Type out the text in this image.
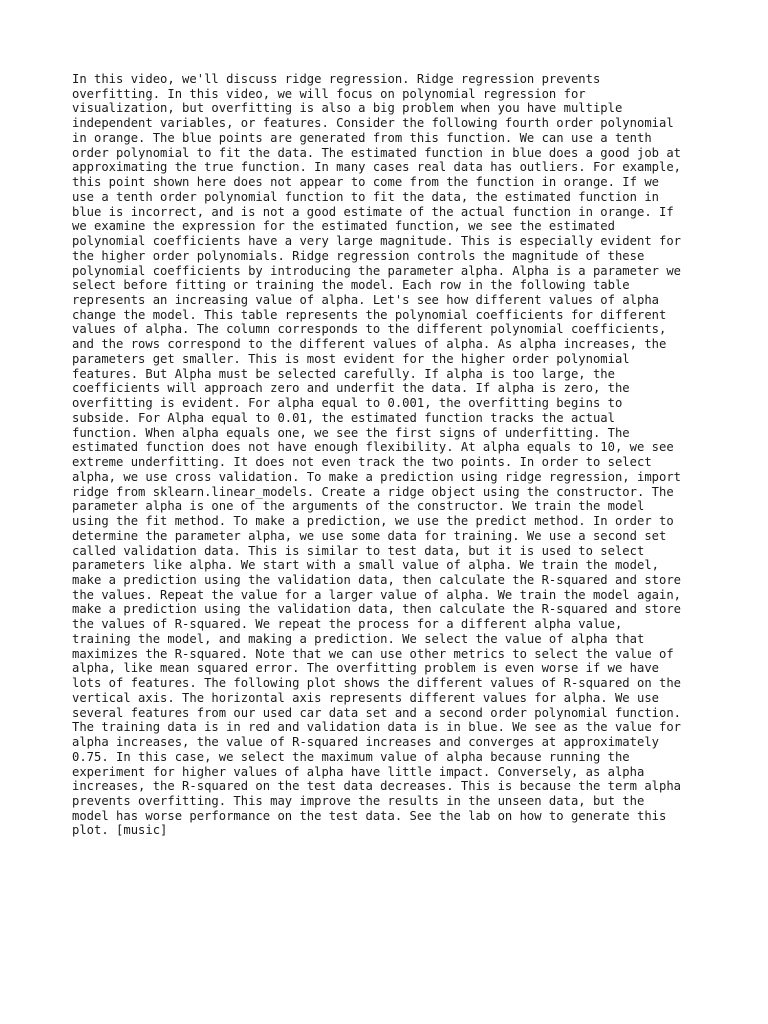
In this video, we'll discuss ridge regression. Ridge regression prevents
overfitting. In this video, we will focus on polynomial regression for
visualization, but overfitting is also a big problem when you have multiple
independent variables, or features. Consider the following fourth order polynomial
in orange. The blue points are generated from this function. We can use a tenth
order polynomial to fit the data. The estimated function in blue does a good job at
approximating the true function. In many cases real data has outliers. For example,
this point shown here does not appear to come from the function in orange. If we
use a tenth order polynomial function to fit the data, the estimated function in
blue is incorrect, and is not a good estimate of the actual function in orange. If
we examine the expression for the estimated function, we see the estimated
polynomial coefficients have a very large magnitude. This is especially evident for
the higher order polynomials. Ridge regression controls the magnitude of these
polynomial coefficients by introducing the parameter alpha. Alpha is a parameter we
select before fitting or training the model. Each row in the following table
represents an increasing value of alpha. Let's see how different values of alpha
change the model. This table represents the polynomial coefficients for different
values of alpha. The column corresponds to the different polynomial coefficients,
and the rows correspond to the different values of alpha. As alpha increases, the
parameters get smaller. This is most evident for the higher order polynomial
features. But Alpha must be selected carefully. If alpha is too large, the
coefficients will approach zero and underfit the data. If alpha is zero, the
overfitting is evident. For alpha equal to 0.001, the overfitting begins to
subside. For Alpha equal to 0.01, the estimated function tracks the actual
function. When alpha equals one, we see the first signs of underfitting. The
estimated function does not have enough flexibility. At alpha equals to 10, we see
extreme underfitting. It does not even track the two points. In order to select
alpha, we use cross validation. To make a prediction using ridge regression, import
ridge from sklearn.linear_models. Create a ridge object using the constructor. The
parameter alpha is one of the arguments of the constructor. We train the model
using the fit method. To make a prediction, we use the predict method. In order to
determine the parameter alpha, we use some data for training. We use a second set
called validation data. This is similar to test data, but it is used to select
parameters like alpha. We start with a small value of alpha. We train the model,
make a prediction using the validation data, then calculate the R-squared and store
the values. Repeat the value for a larger value of alpha. We train the model again,
make a prediction using the validation data, then calculate the R-squared and store
the values of R-squared. We repeat the process for a different alpha value,
training the model, and making a prediction. We select the value of alpha that
maximizes the R-squared. Note that we can use other metrics to select the value of
alpha, like mean squared error. The overfitting problem is even worse if we have
lots of features. The following plot shows the different values of R-squared on the
vertical axis. The horizontal axis represents different values for alpha. We use
several features from our used car data set and a second order polynomial function.
The training data is in red and validation data is in blue. We see as the value for
alpha increases, the value of R-squared increases and converges at approximately
0.75. In this case, we select the maximum value of alpha because running the
experiment for higher values of alpha have little impact. Conversely, as alpha
increases, the R-squared on the test data decreases. This is because the term alpha
prevents overfitting. This may improve the results in the unseen data, but the
model has worse performance on the test data. See the lab on how to generate this
plot. [music]
